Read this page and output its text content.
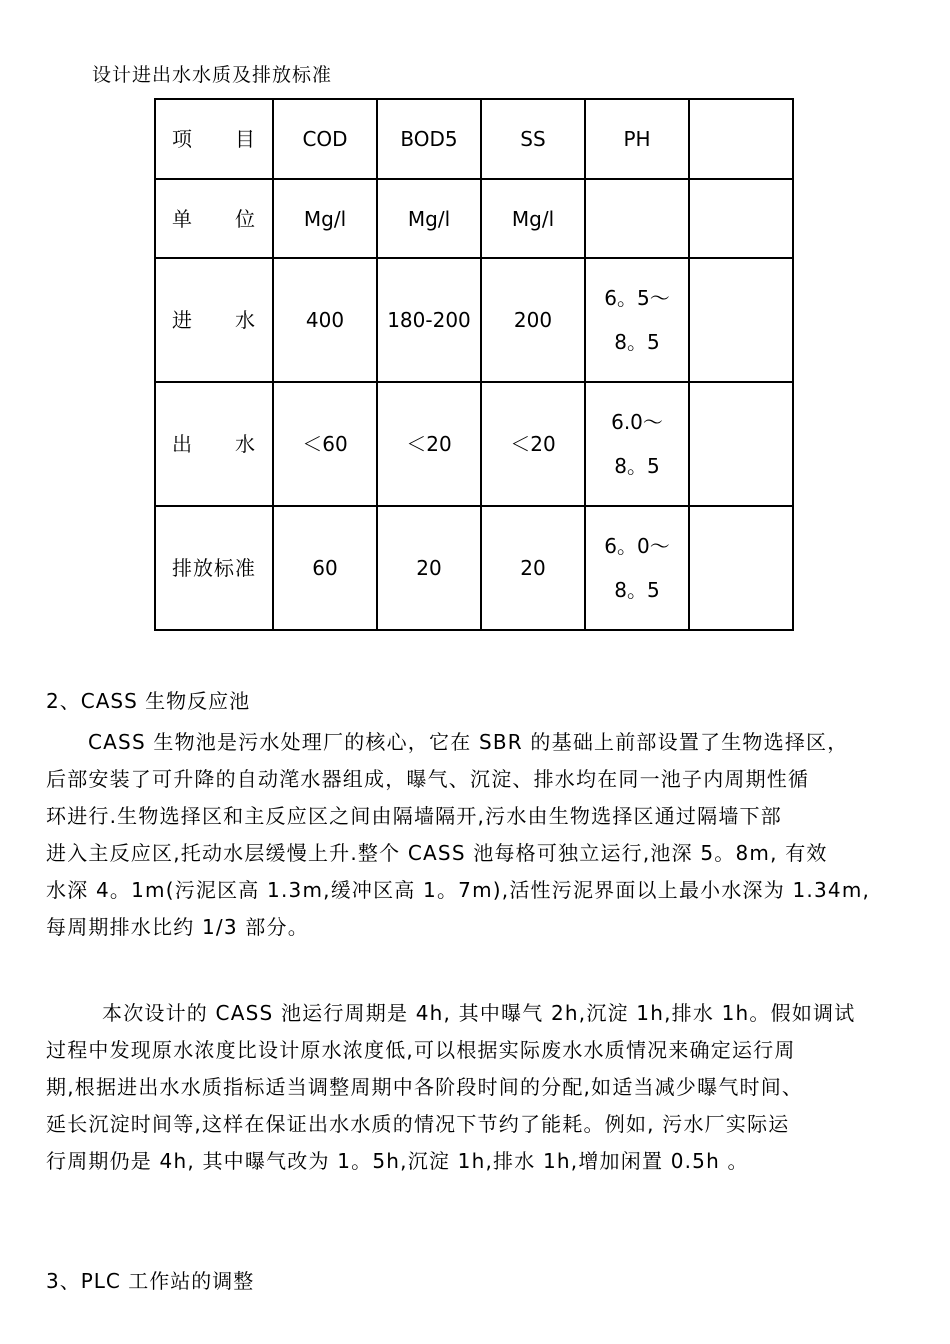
设计进出水水质及排放标准
项　　目	COD	BOD5	SS	PH	
单　　位	Mg/l	Mg/l	Mg/l		
进　　水	400	180-200	200	6。5～
8。5	

出　　水	＜60	＜20	＜20	6.0～
8。5	

排放标准	60	20	20	6。0～
8。5	

2、CASS 生物反应池
CASS 生物池是污水处理厂的核心，它在 SBR 的基础上前部设置了生物选择区，
后部安装了可升降的自动滗水器组成，曝气、沉淀、排水均在同一池子内周期性循
环进行.生物选择区和主反应区之间由隔墙隔开,污水由生物选择区通过隔墙下部
进入主反应区,托动水层缓慢上升.整个 CASS 池每格可独立运行,池深 5。8m, 有效
水深 4。1m(污泥区高 1.3m,缓冲区高 1。7m),活性污泥界面以上最小水深为 1.34m,
每周期排水比约 1/3 部分。
本次设计的 CASS 池运行周期是 4h, 其中曝气 2h,沉淀 1h,排水 1h。假如调试
过程中发现原水浓度比设计原水浓度低,可以根据实际废水水质情况来确定运行周
期,根据进出水水质指标适当调整周期中各阶段时间的分配,如适当减少曝气时间、
延长沉淀时间等,这样在保证出水水质的情况下节约了能耗。例如, 污水厂实际运
行周期仍是 4h, 其中曝气改为 1。5h,沉淀 1h,排水 1h,增加闲置 0.5h 。
3、PLC 工作站的调整
